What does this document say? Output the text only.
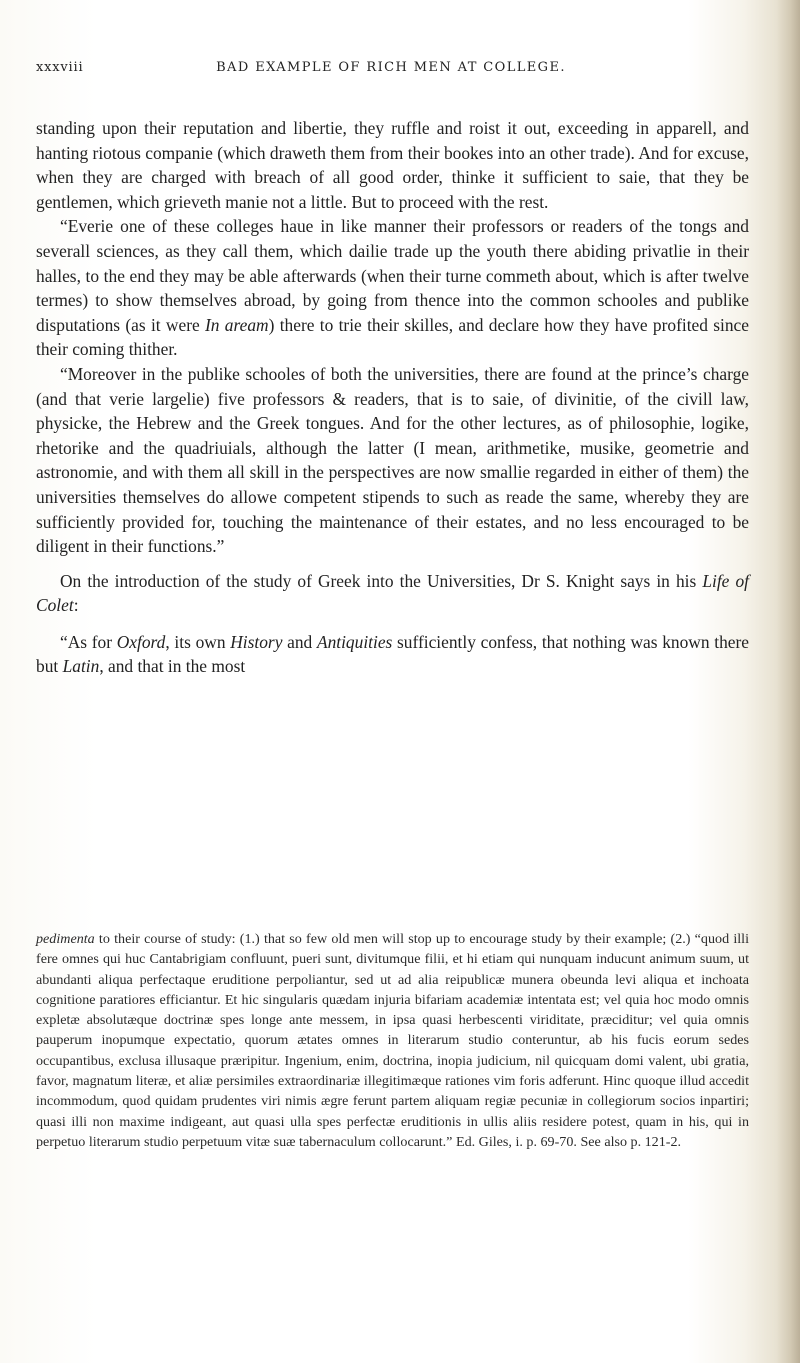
xxxviii	BAD EXAMPLE OF RICH MEN AT COLLEGE.

standing upon their reputation and libertie, they ruffle and roist it out, exceeding in apparell, and hanting riotous companie (which draweth them from their bookes into an other trade). And for excuse, when they are charged with breach of all good order, thinke it sufficient to saie, that they be gentlemen, which grieveth manie not a little. But to proceed with the rest.

“Everie one of these colleges haue in like manner their professors or readers of the tongs and severall sciences, as they call them, which dailie trade up the youth there abiding privatlie in their halles, to the end they may be able afterwards (when their turne commeth about, which is after twelve termes) to show themselves abroad, by going from thence into the common schooles and publike disputations (as it were In aream) there to trie their skilles, and declare how they have profited since their coming thither.

“Moreover in the publike schooles of both the universities, there are found at the prince’s charge (and that verie largelie) five professors & readers, that is to saie, of divinitie, of the civill law, physicke, the Hebrew and the Greek tongues. And for the other lectures, as of philosophie, logike, rhetorike and the quadriuials, although the latter (I mean, arithmetike, musike, geometrie and astronomie, and with them all skill in the perspectives are now smallie regarded in either of them) the universities themselves do allowe competent stipends to such as reade the same, whereby they are sufficiently provided for, touching the maintenance of their estates, and no less encouraged to be diligent in their functions.”

On the introduction of the study of Greek into the Universities, Dr S. Knight says in his Life of Colet:

“As for Oxford, its own History and Antiquities sufficiently confess, that nothing was known there but Latin, and that in the most

pedimenta to their course of study: (1.) that so few old men will stop up to encourage study by their example; (2.) “quod illi fere omnes qui huc Cantabrigiam confluunt, pueri sunt, divitumque filii, et hi etiam qui nunquam inducunt animum suum, ut abundanti aliqua perfectaque eruditione perpoliantur, sed ut ad alia reipublicæ munera obeunda levi aliqua et inchoata cognitione paratiores efficiantur. Et hic singularis quædam injuria bifariam academiæ intentata est; vel quia hoc modo omnis expletæ absolutæque doctrinæ spes longe ante messem, in ipsa quasi herbescenti viriditate, præciditur; vel quia omnis pauperum inopumque expectatio, quorum ætates omnes in literarum studio conteruntur, ab his fucis eorum sedes occupantibus, exclusa illusaque præripitur. Ingenium, enim, doctrina, inopia judicium, nil quicquam domi valent, ubi gratia, favor, magnatum literæ, et aliæ persimiles extraordinariæ illegitimæque rationes vim foris adferunt. Hinc quoque illud accedit incommodum, quod quidam prudentes viri nimis ægre ferunt partem aliquam regiæ pecuniæ in collegiorum socios inpartiri; quasi illi non maxime indigeant, aut quasi ulla spes perfectæ eruditionis in ullis aliis residere potest, quam in his, qui in perpetuo literarum studio perpetuum vitæ suæ tabernaculum collocarunt.” Ed. Giles, i. p. 69-70. See also p. 121-2.
